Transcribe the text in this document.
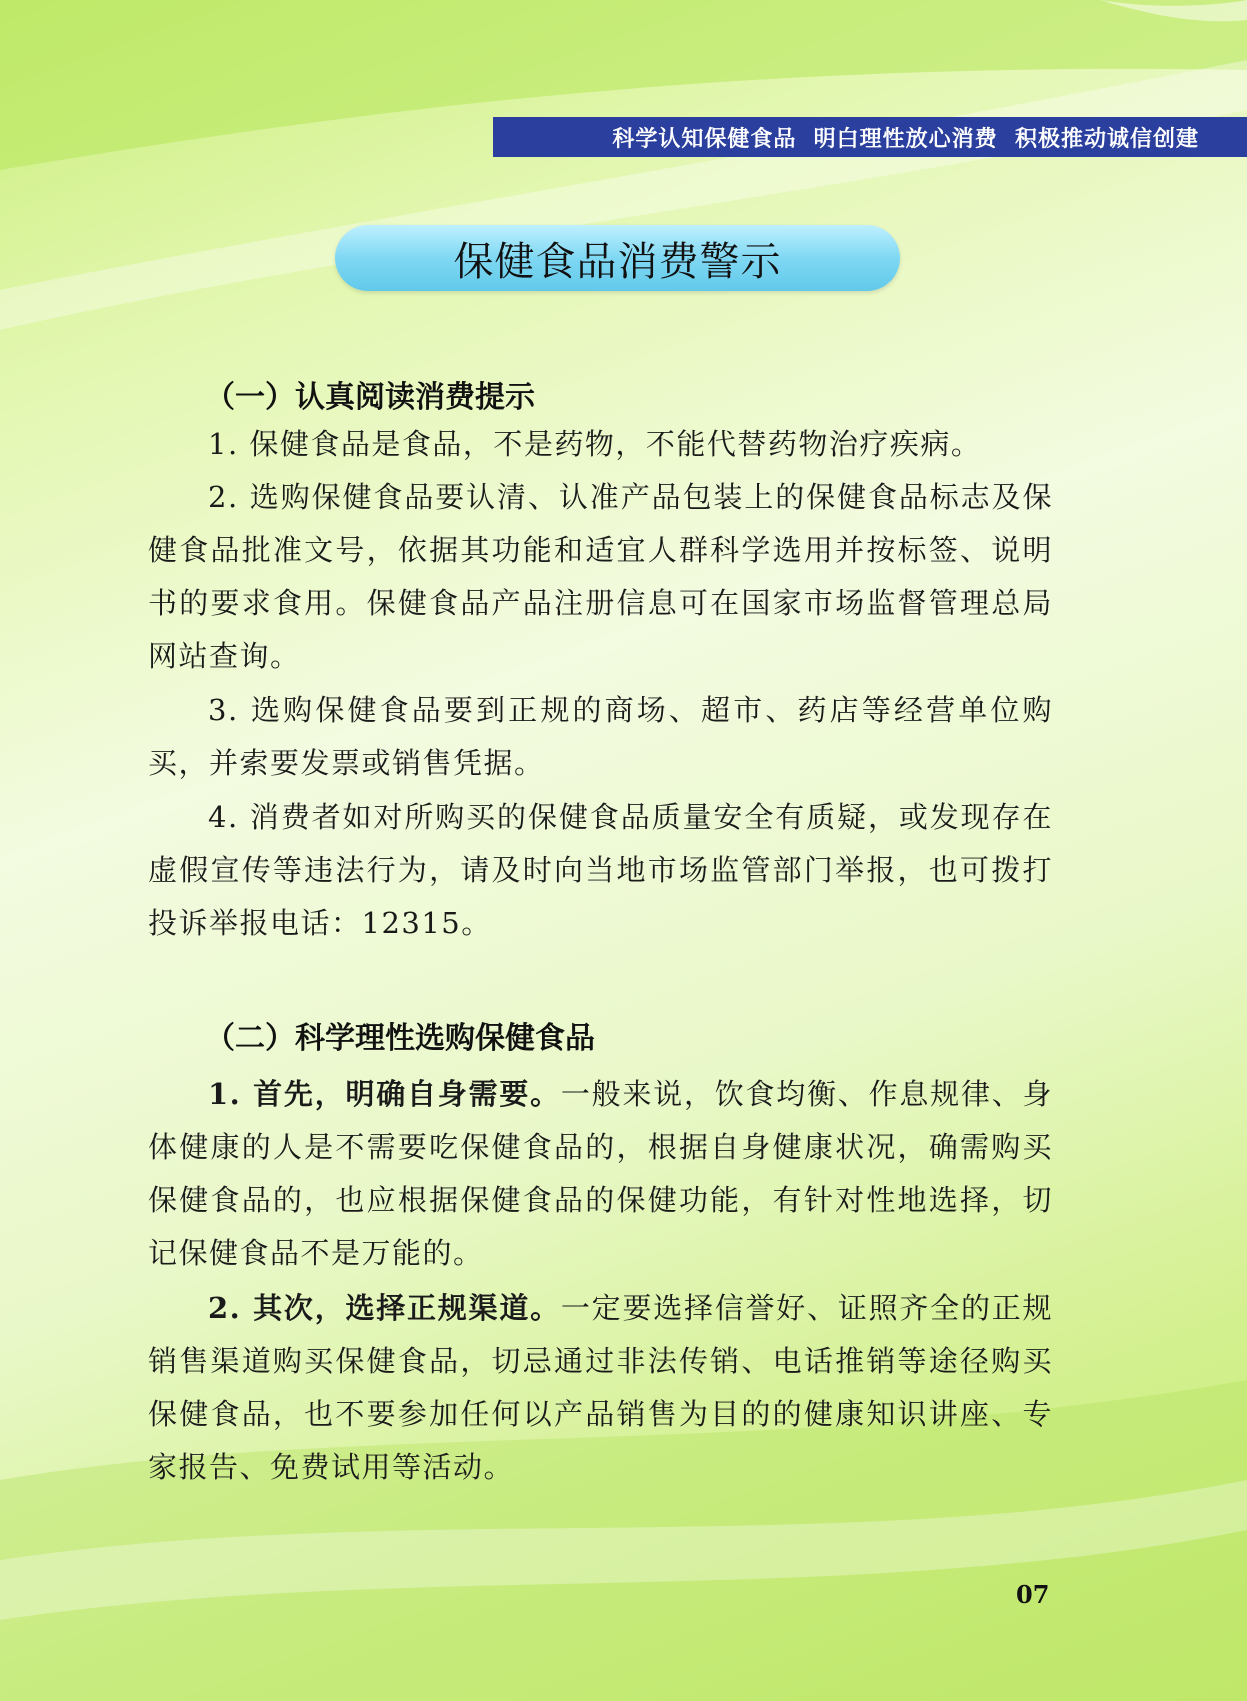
科学认知保健食品  明白理性放心消费  积极推动诚信创建
保健食品消费警示
（一）认真阅读消费提示

1. 保健食品是食品，不是药物，不能代替药物治疗疾病。

2. 选购保健食品要认清、认准产品包装上的保健食品标志及保健食品批准文号，依据其功能和适宜人群科学选用并按标签、说明书的要求食用。保健食品产品注册信息可在国家市场监督管理总局网站查询。

3. 选购保健食品要到正规的商场、超市、药店等经营单位购买，并索要发票或销售凭据。

4. 消费者如对所购买的保健食品质量安全有质疑，或发现存在虚假宣传等违法行为，请及时向当地市场监管部门举报，也可拨打投诉举报电话：12315。

（二）科学理性选购保健食品

1. 首先，明确自身需要。一般来说，饮食均衡、作息规律、身体健康的人是不需要吃保健食品的，根据自身健康状况，确需购买保健食品的，也应根据保健食品的保健功能，有针对性地选择，切记保健食品不是万能的。

2. 其次，选择正规渠道。一定要选择信誉好、证照齐全的正规销售渠道购买保健食品，切忌通过非法传销、电话推销等途径购买保健食品，也不要参加任何以产品销售为目的的健康知识讲座、专家报告、免费试用等活动。

07
